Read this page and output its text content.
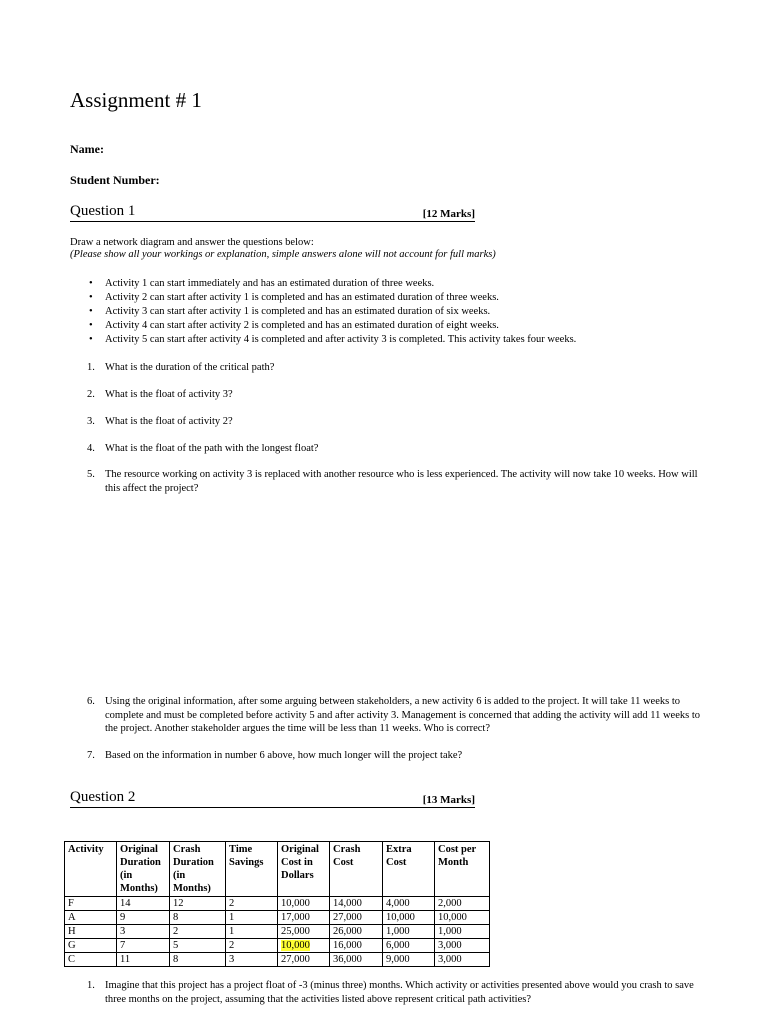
Assignment # 1
Name:
Student Number:
Question 1	[12 Marks]
Draw a network diagram and answer the questions below:
(Please show all your workings or explanation, simple answers alone will not account for full marks)
• Activity 1 can start immediately and has an estimated duration of three weeks.
• Activity 2 can start after activity 1 is completed and has an estimated duration of three weeks.
• Activity 3 can start after activity 1 is completed and has an estimated duration of six weeks.
• Activity 4 can start after activity 2 is completed and has an estimated duration of eight weeks.
• Activity 5 can start after activity 4 is completed and after activity 3 is completed. This activity takes four weeks.
1. What is the duration of the critical path?
2. What is the float of activity 3?
3. What is the float of activity 2?
4. What is the float of the path with the longest float?
5. The resource working on activity 3 is replaced with another resource who is less experienced. The activity will now take 10 weeks. How will this affect the project?
6. Using the original information, after some arguing between stakeholders, a new activity 6 is added to the project. It will take 11 weeks to complete and must be completed before activity 5 and after activity 3. Management is concerned that adding the activity will add 11 weeks to the project. Another stakeholder argues the time will be less than 11 weeks. Who is correct?
7. Based on the information in number 6 above, how much longer will the project take?
Question 2	[13 Marks]
Activity	Original Duration (in Months)	Crash Duration (in Months)	Time Savings	Original Cost in Dollars	Crash Cost	Extra Cost	Cost per Month
F	14	12	2	10,000	14,000	4,000	2,000
A	9	8	1	17,000	27,000	10,000	10,000
H	3	2	1	25,000	26,000	1,000	1,000
G	7	5	2	10,000	16,000	6,000	3,000
C	11	8	3	27,000	36,000	9,000	3,000
1. Imagine that this project has a project float of -3 (minus three) months. Which activity or activities presented above would you crash to save three months on the project, assuming that the activities listed above represent critical path activities?
